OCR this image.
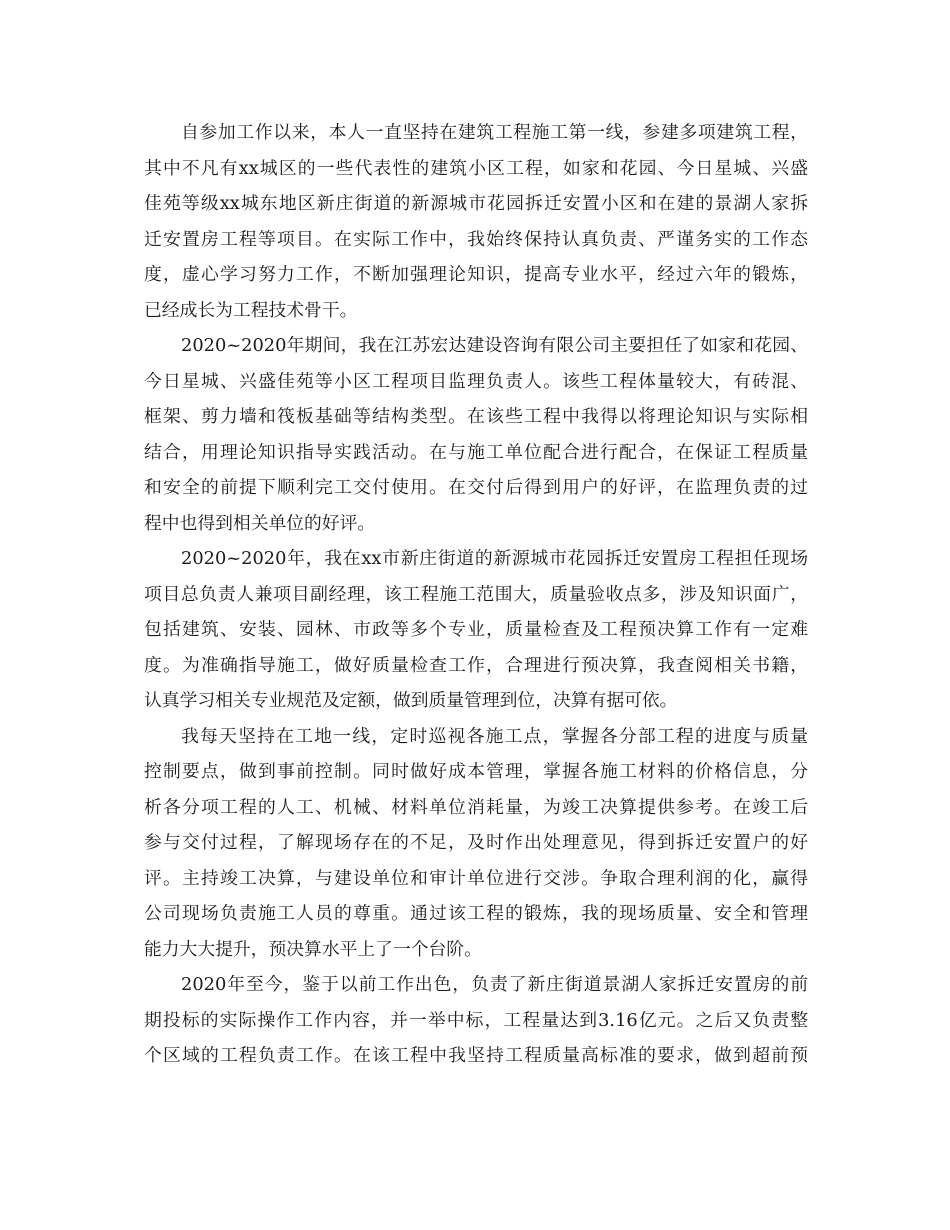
自参加工作以来，本人一直坚持在建筑工程施工第一线，参建多项建筑工程，
其中不凡有xx城区的一些代表性的建筑小区工程，如家和花园、今日星城、兴盛
佳苑等级xx城东地区新庄街道的新源城市花园拆迁安置小区和在建的景湖人家拆
迁安置房工程等项目。在实际工作中，我始终保持认真负责、严谨务实的工作态
度，虚心学习努力工作，不断加强理论知识，提高专业水平，经过六年的锻炼，
已经成长为工程技术骨干。
2020~2020年期间，我在江苏宏达建设咨询有限公司主要担任了如家和花园、
今日星城、兴盛佳苑等小区工程项目监理负责人。该些工程体量较大，有砖混、
框架、剪力墙和筏板基础等结构类型。在该些工程中我得以将理论知识与实际相
结合，用理论知识指导实践活动。在与施工单位配合进行配合，在保证工程质量
和安全的前提下顺利完工交付使用。在交付后得到用户的好评，在监理负责的过
程中也得到相关单位的好评。
2020~2020年，我在xx市新庄街道的新源城市花园拆迁安置房工程担任现场
项目总负责人兼项目副经理，该工程施工范围大，质量验收点多，涉及知识面广，
包括建筑、安装、园林、市政等多个专业，质量检查及工程预决算工作有一定难
度。为准确指导施工，做好质量检查工作，合理进行预决算，我查阅相关书籍，
认真学习相关专业规范及定额，做到质量管理到位，决算有据可依。
我每天坚持在工地一线，定时巡视各施工点，掌握各分部工程的进度与质量
控制要点，做到事前控制。同时做好成本管理，掌握各施工材料的价格信息，分
析各分项工程的人工、机械、材料单位消耗量，为竣工决算提供参考。在竣工后
参与交付过程，了解现场存在的不足，及时作出处理意见，得到拆迁安置户的好
评。主持竣工决算，与建设单位和审计单位进行交涉。争取合理利润的化，赢得
公司现场负责施工人员的尊重。通过该工程的锻炼，我的现场质量、安全和管理
能力大大提升，预决算水平上了一个台阶。
2020年至今，鉴于以前工作出色，负责了新庄街道景湖人家拆迁安置房的前
期投标的实际操作工作内容，并一举中标，工程量达到3.16亿元。之后又负责整
个区域的工程负责工作。在该工程中我坚持工程质量高标准的要求，做到超前预
